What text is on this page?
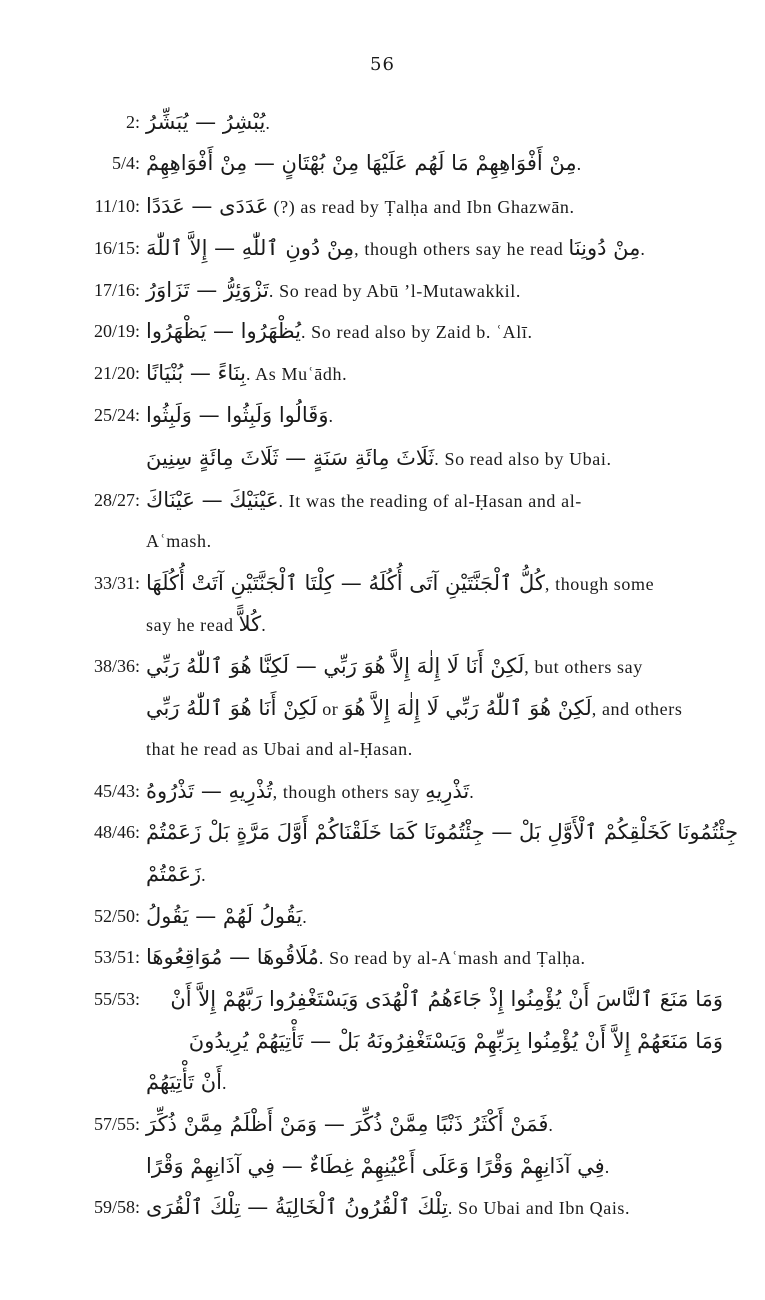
56
2: يُبْشِرُ — يُبَشِّرُ.
5/4: مِنْ أَفْوَاهِهِمْ مَا لَهُم عَلَيْهَا مِنْ بُهْتَانٍ — مِنْ أَفْوَاهِهِمْ.
11/10: عَدَدَى — عَدَدًا (?) as read by Ṭalḥa and Ibn Ghazwān.
16/15: مِنْ دُونِ ٱللّٰهِ — إِلاَّ ٱللّٰهَ, though others say he read مِنْ دُونِنَا.
17/16: تَزْوَئِرُّ — تَزَاوَرُ. So read by Abū ’l-Mutawakkil.
20/19: يُظْهَرُوا — يَظْهَرُوا. So read also by Zaid b. ʿAlī.
21/20: بِنَاءً — بُنْيَانًا. As Muʿādh.
25/24: وَقَالُوا وَلَبِثُوا — وَلَبِثُوا.
ثَلَاثَ مِائَةِ سَنَةٍ — ثَلَاثَ مِائَةٍ سِنِينَ. So read also by Ubai.
28/27: عَيْنَيْكَ — عَيْنَاكَ. It was the reading of al-Ḥasan and al-
Aʿmash.
33/31: كُلُّ ٱلْجَنَّتَيْنِ آتَى أُكُلَهُ — كِلْتَا ٱلْجَنَّتَيْنِ آتَتْ أُكُلَهَا, though some
say he read كُلاًّ.
38/36: لَكِنْ أَنَا لَا إِلٰهَ إِلاَّ هُوَ رَبِّي — لَكِنَّا هُوَ ٱللّٰهُ رَبِّي, but others say
لَكِنْ أَنَا هُوَ ٱللّٰهُ رَبِّي or لَكِنْ هُوَ ٱللّٰهُ رَبِّي لَا إِلٰهَ إِلاَّ هُوَ, and others
that he read as Ubai and al-Ḥasan.
45/43: تُذْرِيهِ — تَذْرُوهُ, though others say تَذْرِيهِ.
48/46: جِئْتُمُونَا كَخَلْقِكُمْ ٱلْأَوَّلِ بَلْ — جِئْتُمُونَا كَمَا خَلَقْنَاكُمْ أَوَّلَ مَرَّةٍ بَلْ زَعَمْتُمْ
زَعَمْتُمْ.
52/50: يَقُولُ لَهُمْ — يَقُولُ.
53/51: مُلَاقُوهَا — مُوَاقِعُوهَا. So read by al-Aʿmash and Ṭalḥa.
55/53:	وَمَا مَنَعَ ٱلنَّاسَ أَنْ يُؤْمِنُوا إِذْ جَاءَهُمُ ٱلْهُدَى وَيَسْتَغْفِرُوا رَبَّهُمْ إِلاَّ أَنْ
وَمَا مَنَعَهُمْ إِلاَّ أَنْ يُؤْمِنُوا بِرَبِّهِمْ وَيَسْتَغْفِرُونَهُ بَلْ — تَأْتِيَهُمْ يُرِيدُونَ
أَنْ تَأْتِيَهُمْ.
57/55: فَمَنْ أَكْثَرُ ذَنْبًا مِمَّنْ ذُكِّرَ — وَمَنْ أَظْلَمُ مِمَّنْ ذُكِّرَ.
فِي آذَانِهِمْ وَقْرًا وَعَلَى أَعْيُنِهِمْ غِطَاءٌ — فِي آذَانِهِمْ وَقْرًا.
59/58: تِلْكَ ٱلْقُرُونُ ٱلْخَالِيَةُ — تِلْكَ ٱلْقُرَى. So Ubai and Ibn Qais.
